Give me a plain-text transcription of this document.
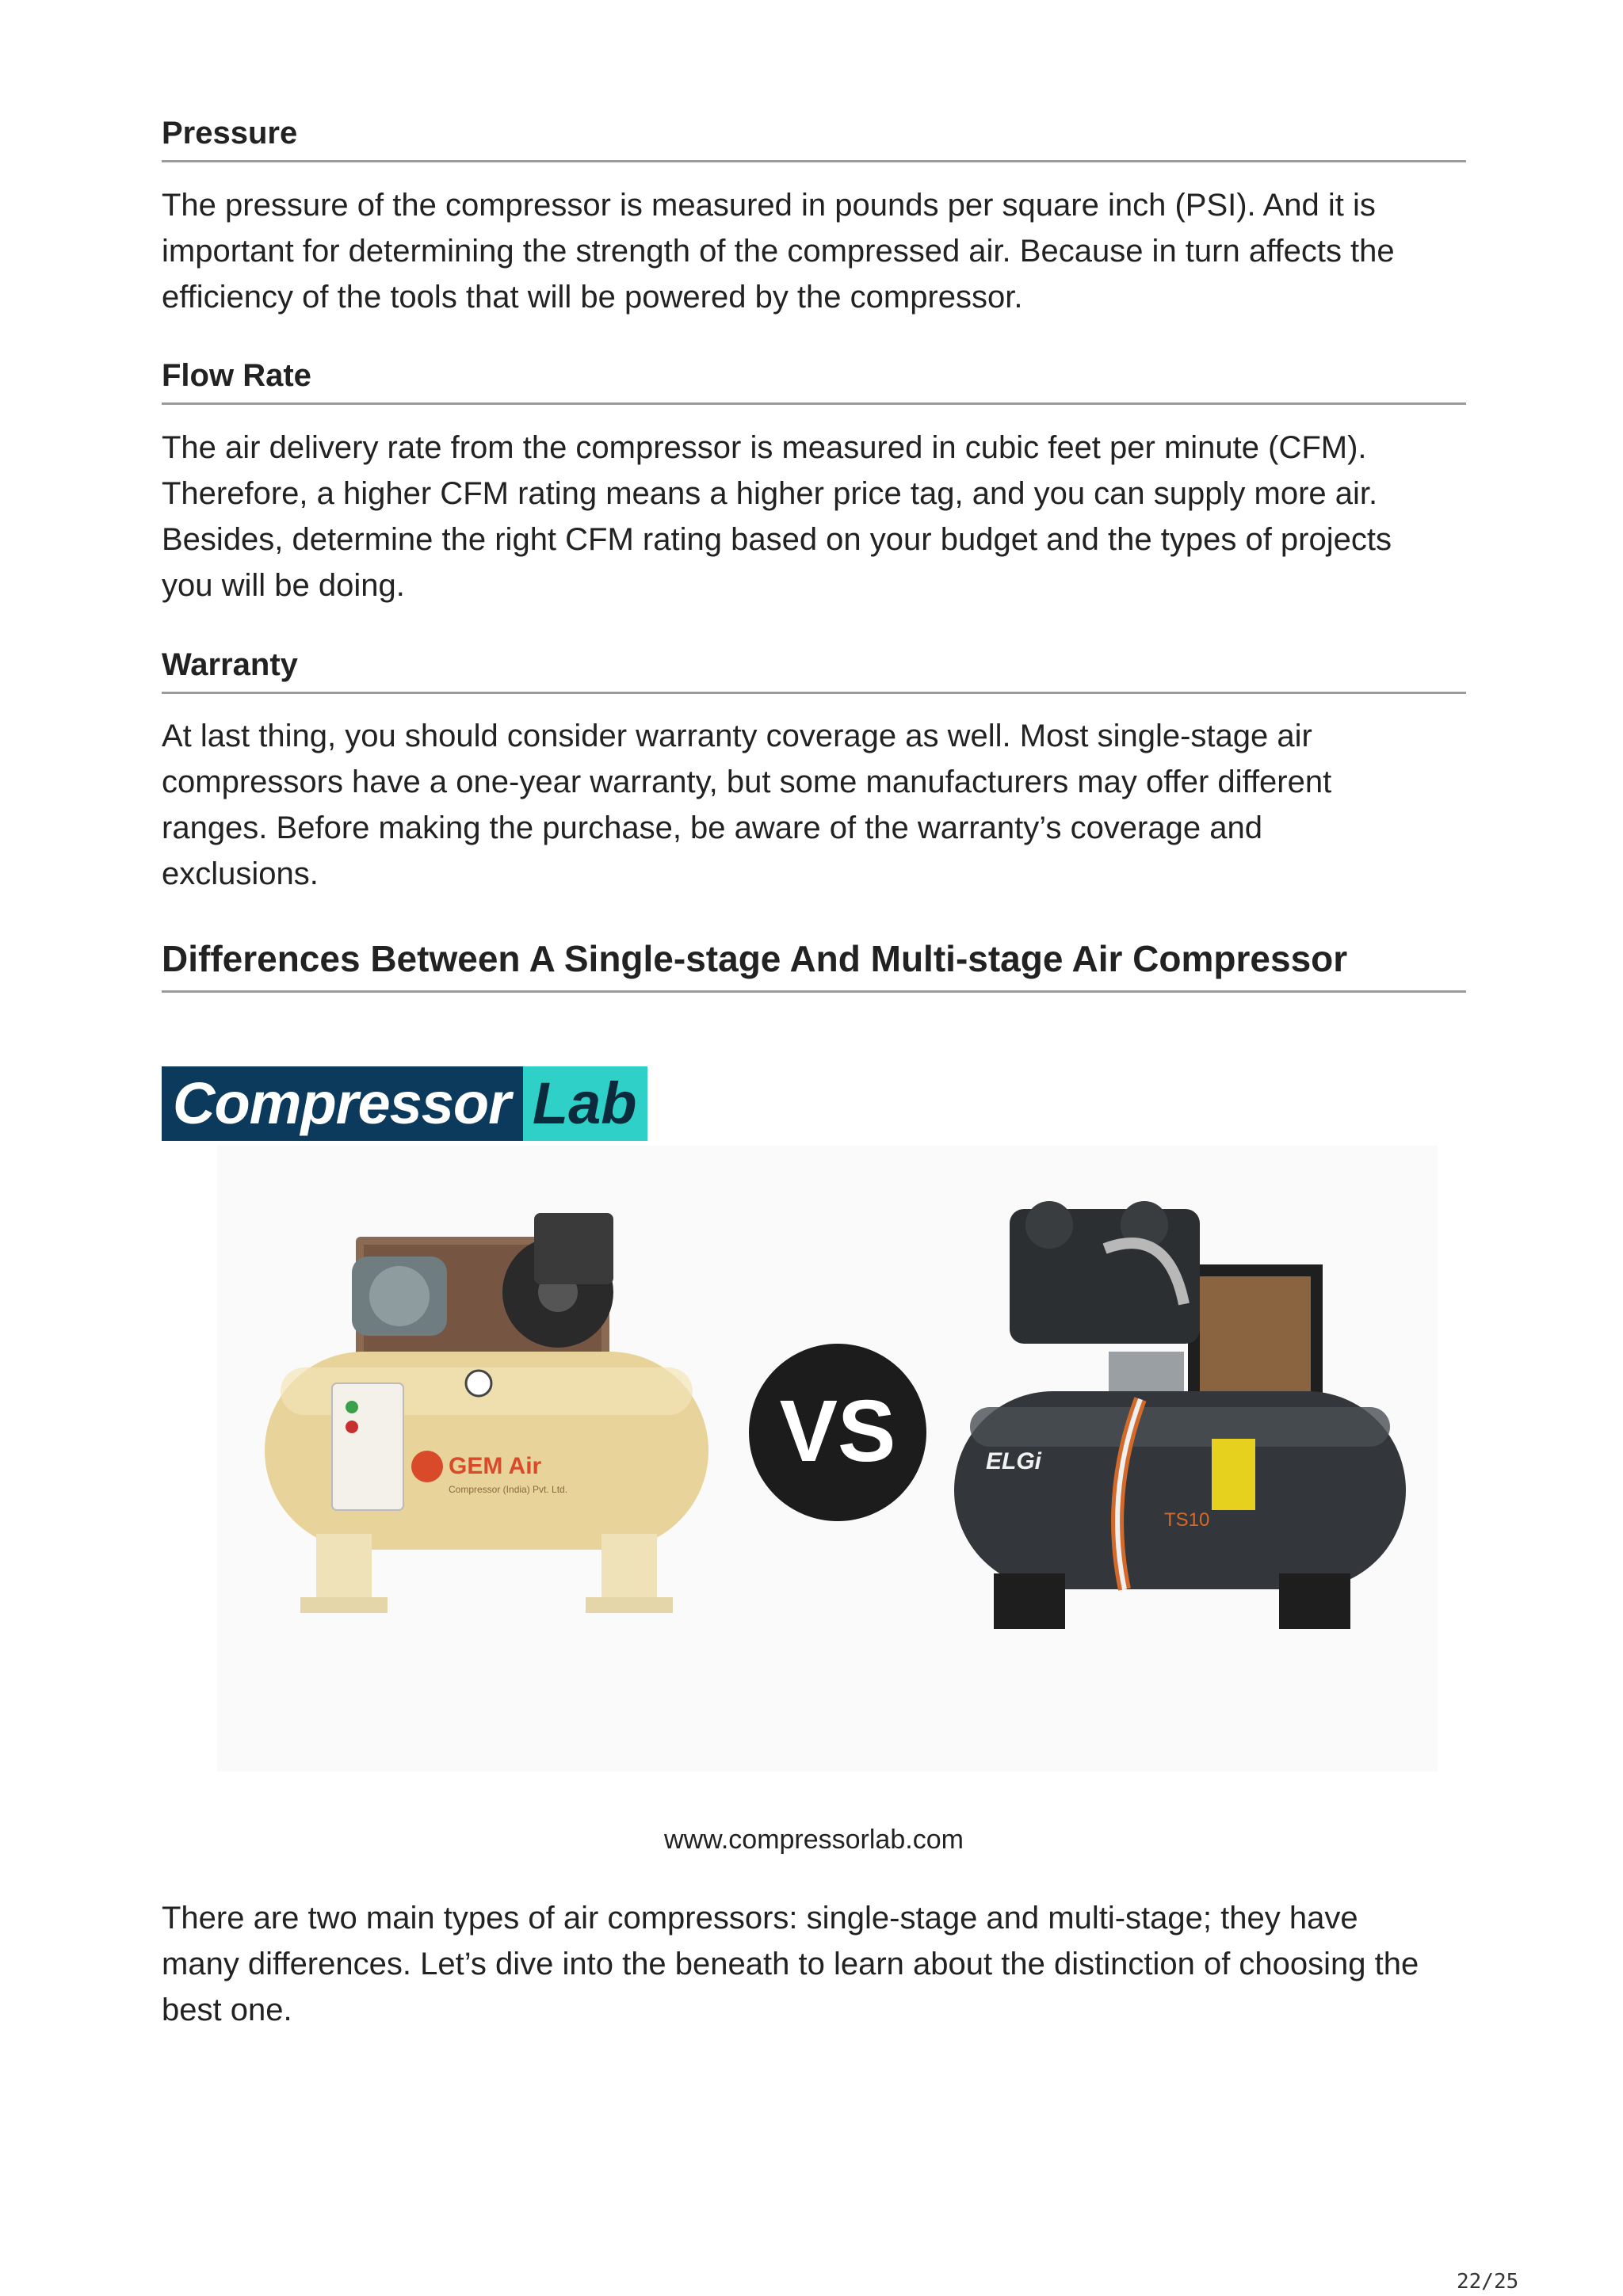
Pressure
The pressure of the compressor is measured in pounds per square inch (PSI). And it is
important for determining the strength of the compressed air. Because in turn affects the
efficiency of the tools that will be powered by the compressor.
Flow Rate
The air delivery rate from the compressor is measured in cubic feet per minute (CFM).
Therefore, a higher CFM rating means a higher price tag, and you can supply more air.
Besides, determine the right CFM rating based on your budget and the types of projects
you will be doing.
Warranty
At last thing, you should consider warranty coverage as well. Most single-stage air
compressors have a one-year warranty, but some manufacturers may offer different
ranges. Before making the purchase, be aware of the warranty’s coverage and
exclusions.
Differences Between A Single-stage And Multi-stage Air Compressor
GEM Air
Compressor (India) Pvt. Ltd.
VS	ELGi
TS10
Compressor Lab
www.compressorlab.com
There are two main types of air compressors: single-stage and multi-stage; they have
many differences. Let’s dive into the beneath to learn about the distinction of choosing the
best one.
22/25
